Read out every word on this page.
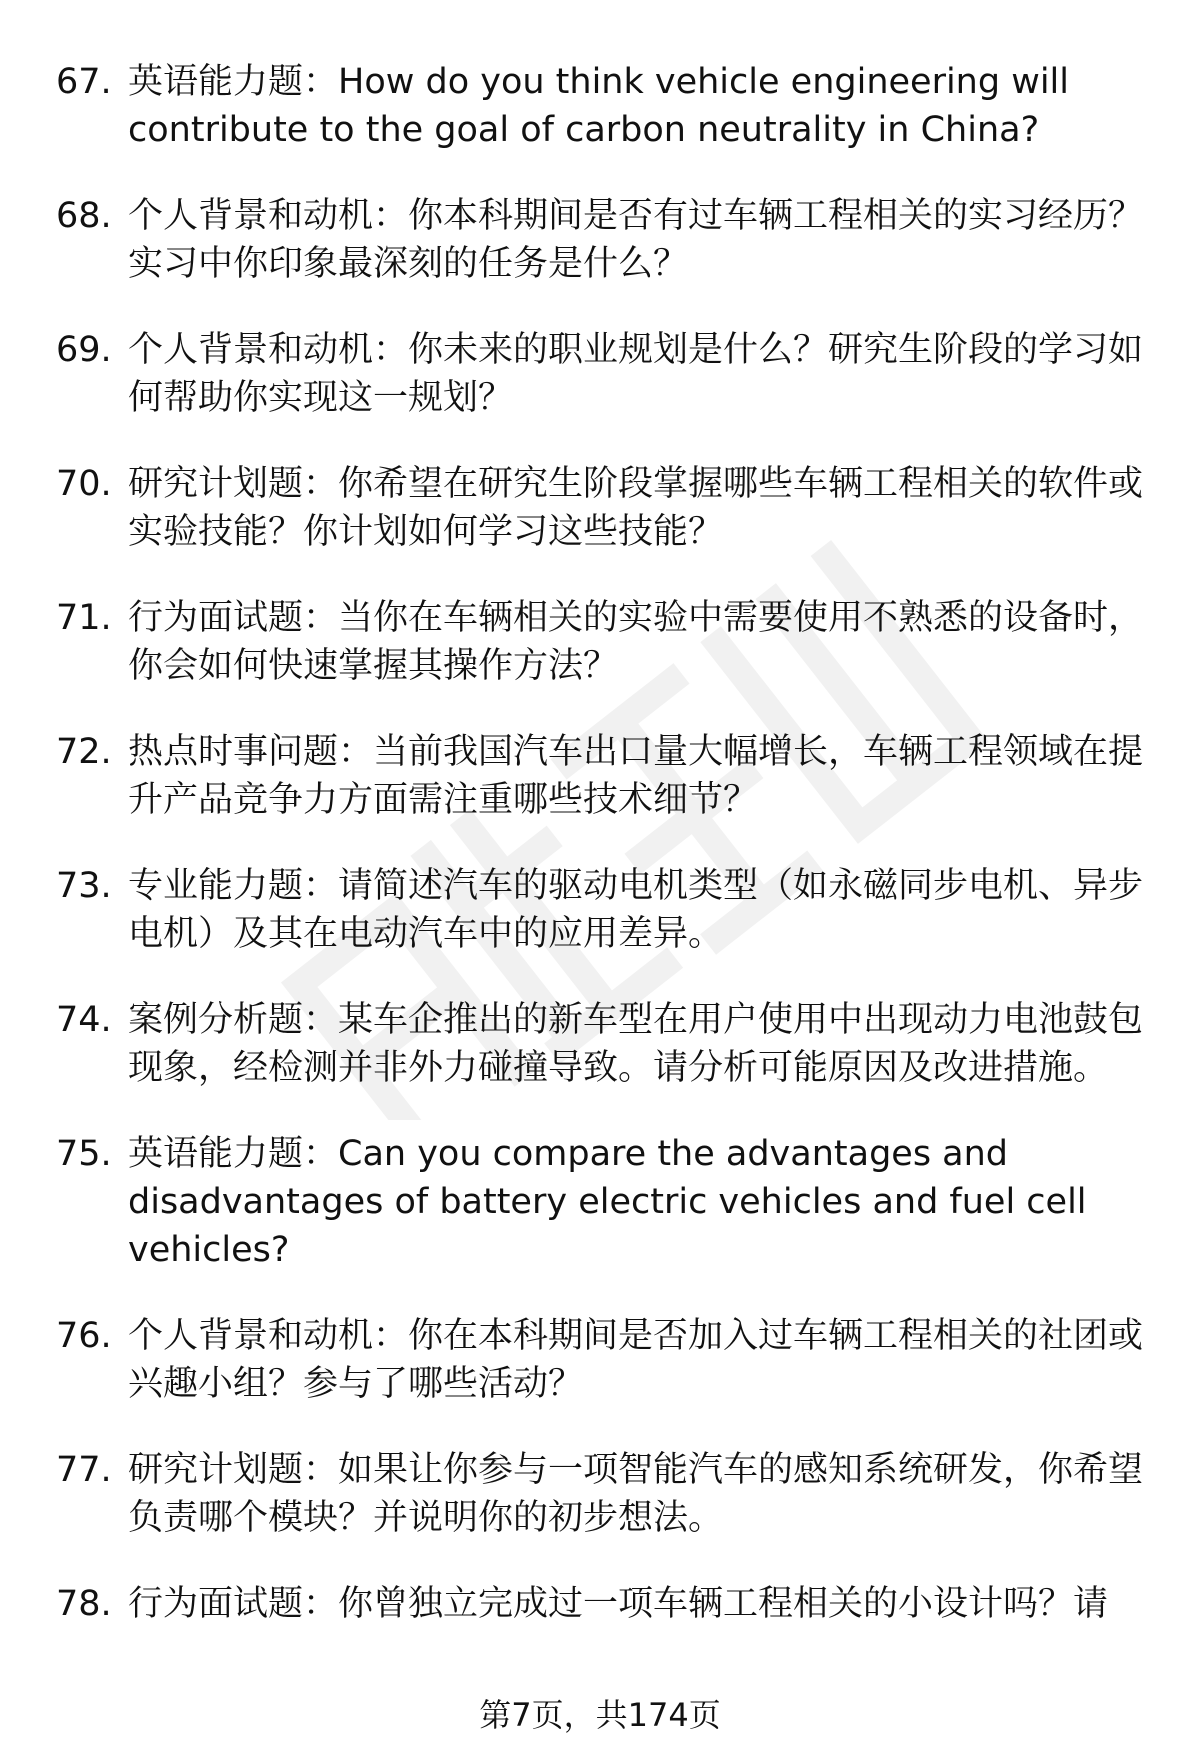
67. 英语能力题：How do you think vehicle engineering will contribute to the goal of carbon neutrality in China?
68. 个人背景和动机：你本科期间是否有过车辆工程相关的实习经历？实习中你印象最深刻的任务是什么？
69. 个人背景和动机：你未来的职业规划是什么？研究生阶段的学习如何帮助你实现这一规划？
70. 研究计划题：你希望在研究生阶段掌握哪些车辆工程相关的软件或实验技能？你计划如何学习这些技能？
71. 行为面试题：当你在车辆相关的实验中需要使用不熟悉的设备时，你会如何快速掌握其操作方法？
72. 热点时事问题：当前我国汽车出口量大幅增长，车辆工程领域在提升产品竞争力方面需注重哪些技术细节？
73. 专业能力题：请简述汽车的驱动电机类型（如永磁同步电机、异步电机）及其在电动汽车中的应用差异。
74. 案例分析题：某车企推出的新车型在用户使用中出现动力电池鼓包现象，经检测并非外力碰撞导致。请分析可能原因及改进措施。
75. 英语能力题：Can you compare the advantages and disadvantages of battery electric vehicles and fuel cell vehicles?
76. 个人背景和动机：你在本科期间是否加入过车辆工程相关的社团或兴趣小组？参与了哪些活动？
77. 研究计划题：如果让你参与一项智能汽车的感知系统研发，你希望负责哪个模块？并说明你的初步想法。
78. 行为面试题：你曾独立完成过一项车辆工程相关的小设计吗？请
第7页，共174页
